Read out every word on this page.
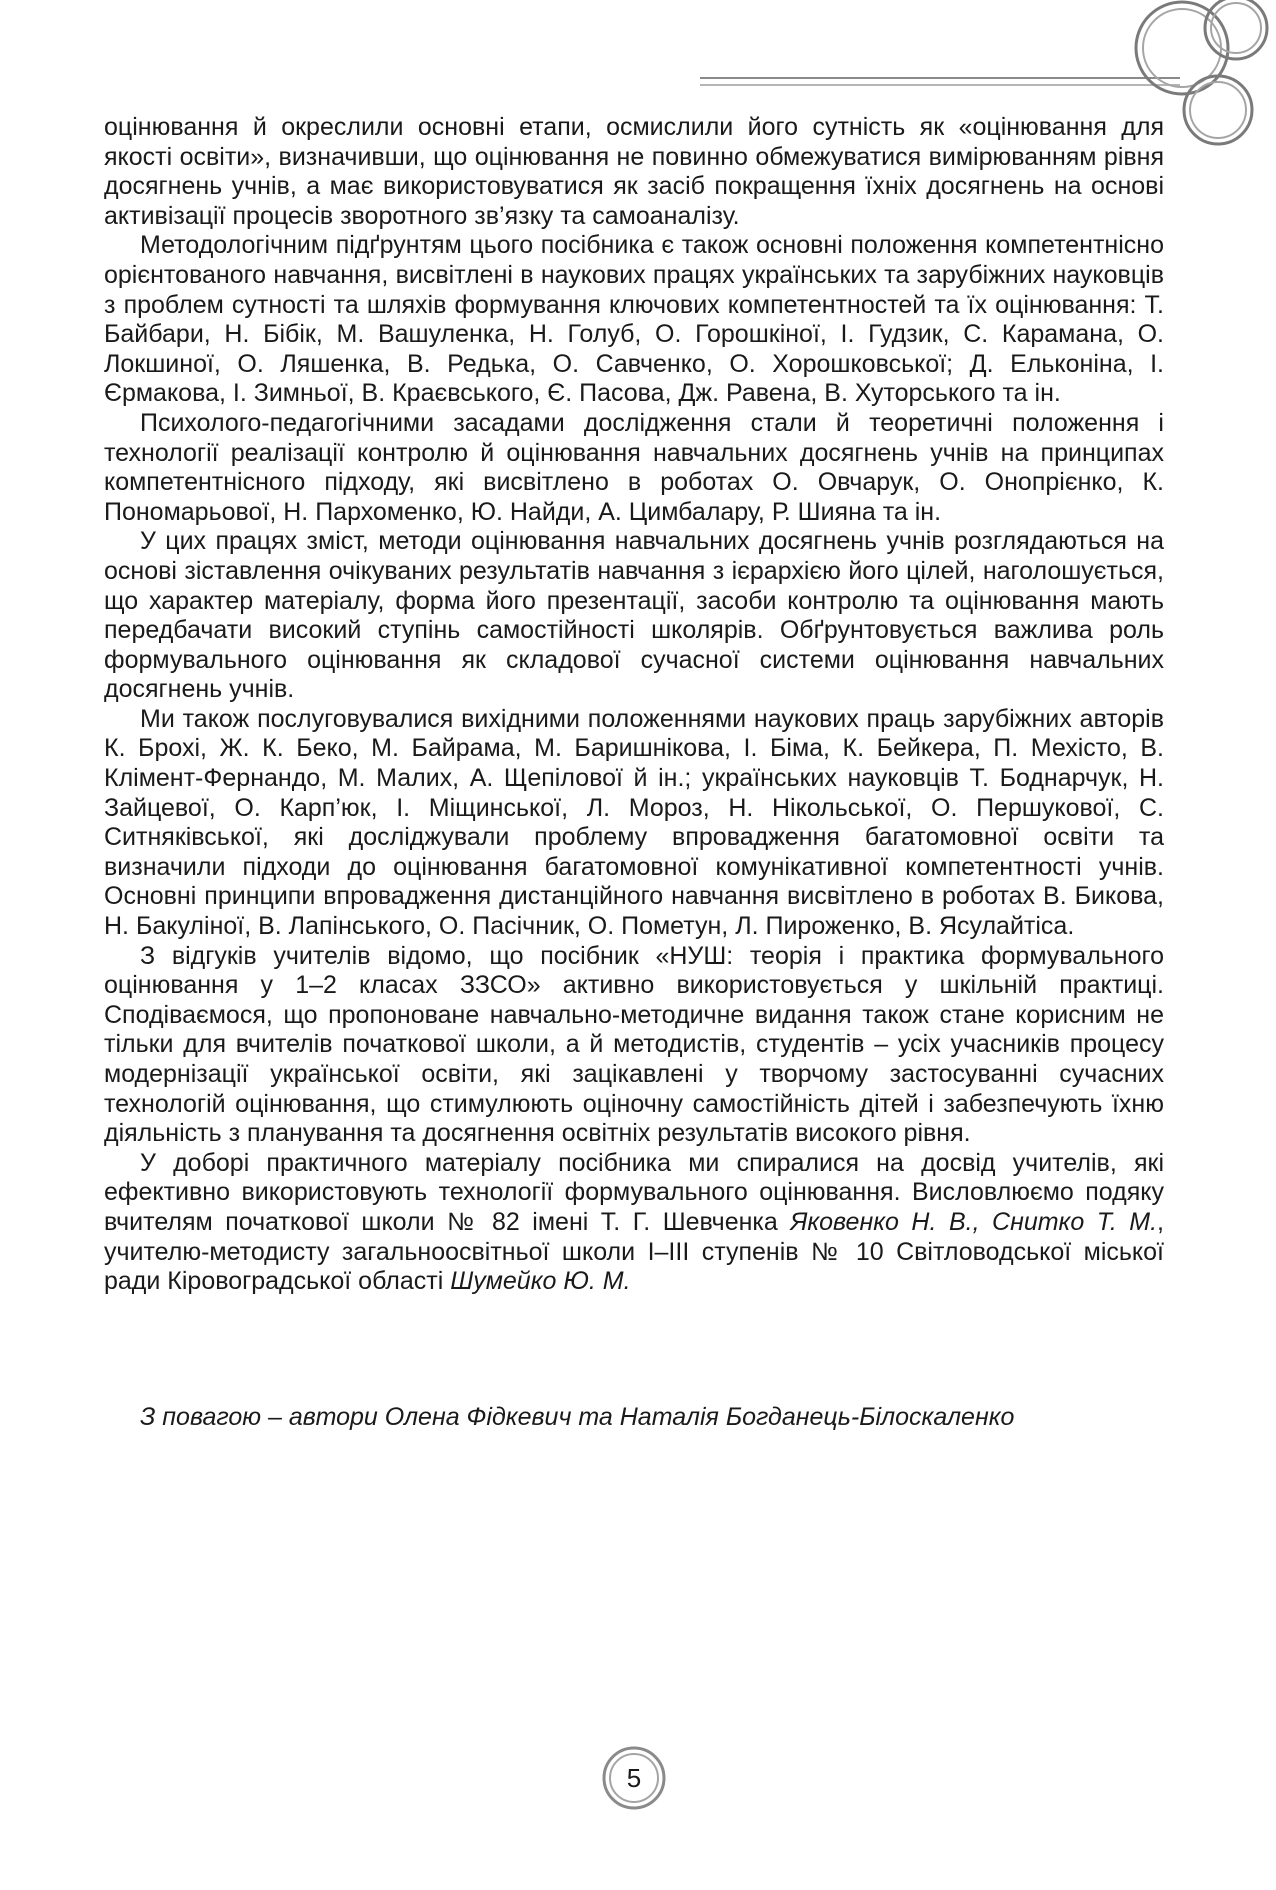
оцінювання й окреслили основні етапи, осмислили його сутність як «оцінювання для якості освіти», визначивши, що оцінювання не повинно обмежуватися вимірюванням рівня досягнень учнів, а має використовуватися як засіб покращення їхніх досягнень на основі активізації процесів зворотного зв’язку та самоаналізу.

Методологічним підґрунтям цього посібника є також основні положення компетентнісно орієнтованого навчання, висвітлені в наукових працях українських та зарубіжних науковців з проблем сутності та шляхів формування ключових компетентностей та їх оцінювання: Т. Байбари, Н. Бібік, М. Вашуленка, Н. Голуб, О. Горошкіної, І. Гудзик, С. Карамана, О. Локшиної, О. Ляшенка, В. Редька, О. Савченко, О. Хорошковської; Д. Ельконіна, І. Єрмакова, І. Зимньої, В. Краєвського, Є. Пасова, Дж. Равена, В. Хуторського та ін.

Психолого-педагогічними засадами дослідження стали й теоретичні положення і технології реалізації контролю й оцінювання навчальних досягнень учнів на принципах компетентнісного підходу, які висвітлено в роботах О. Овчарук, О. Онопрієнко, К. Пономарьової, Н. Пархоменко, Ю. Найди, А. Цимбалару, Р. Шияна та ін.

У цих працях зміст, методи оцінювання навчальних досягнень учнів розглядаються на основі зіставлення очікуваних результатів навчання з ієрархією його цілей, наголошується, що характер матеріалу, форма його презентації, засоби контролю та оцінювання мають передбачати високий ступінь самостійності школярів. Обґрунтовується важлива роль формувального оцінювання як складової сучасної системи оцінювання навчальних досягнень учнів.

Ми також послуговувалися вихідними положеннями наукових праць зарубіжних авторів К. Брохі, Ж. К. Беко, М. Байрама, М. Баришнікова, І. Біма, К. Бейкера, П. Мехісто, В. Клімент-Фернандо, М. Малих, А. Щепілової й ін.; українських науковців Т. Боднарчук, Н. Зайцевої, О. Карп’юк, І. Міщинської, Л. Мороз, Н. Нікольської, О. Першукової, С. Ситняківської, які досліджували проблему впровадження багатомовної освіти та визначили підходи до оцінювання багатомовної комунікативної компетентності учнів. Основні принципи впровадження дистанційного навчання висвітлено в роботах В. Бикова, Н. Бакуліної, В. Лапінського, О. Пасічник, О. Пометун, Л. Пироженко, В. Ясулайтіса.

З відгуків учителів відомо, що посібник «НУШ: теорія і практика формувального оцінювання у 1–2 класах ЗЗСО» активно використовується у шкільній практиці. Сподіваємося, що пропоноване навчально-методичне видання також стане корисним не тільки для вчителів початкової школи, а й методистів, студентів – усіх учасників процесу модернізації української освіти, які зацікавлені у творчому застосуванні сучасних технологій оцінювання, що стимулюють оціночну самостійність дітей і забезпечують їхню діяльність з планування та досягнення освітніх результатів високого рівня.

У доборі практичного матеріалу посібника ми спиралися на досвід учителів, які ефективно використовують технології формувального оцінювання. Висловлюємо подяку вчителям початкової школи № 82 імені Т. Г. Шевченка Яковенко Н. В., Снитко Т. М., учителю-методисту загальноосвітньої школи І–ІІІ ступенів № 10 Світловодської міської ради Кіровоградської області Шумейко Ю. М.

З повагою – автори Олена Фідкевич та Наталія Богданець-Білоскаленко
5
